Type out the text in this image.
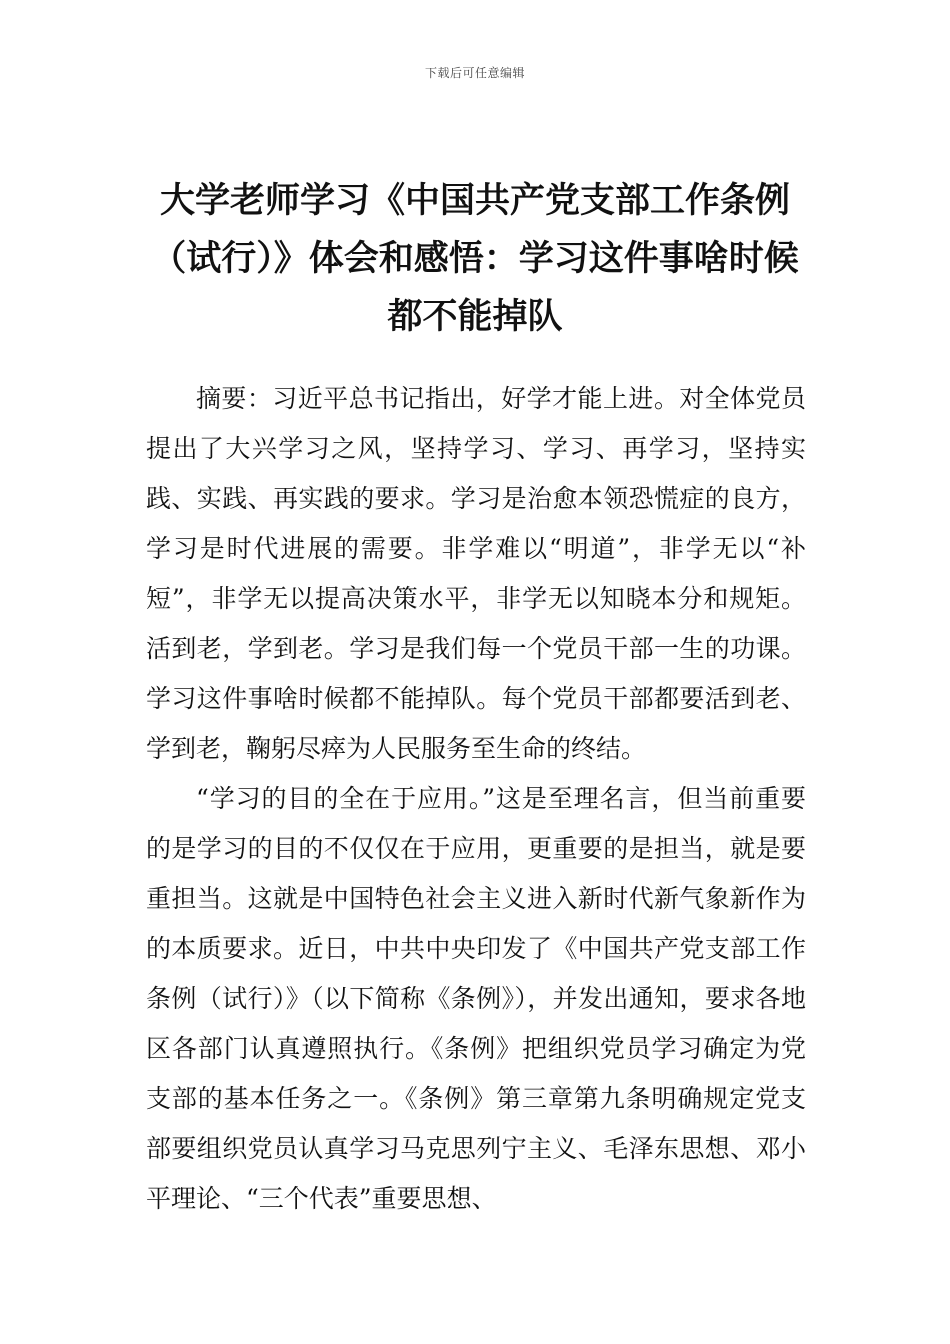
下载后可任意编辑
大学老师学习《中国共产党支部工作条例（试行）》体会和感悟：学习这件事啥时候都不能掉队

摘要：习近平总书记指出，好学才能上进。对全体党员提出了大兴学习之风，坚持学习、学习、再学习，坚持实践、实践、再实践的要求。学习是治愈本领恐慌症的良方，学习是时代进展的需要。非学难以“明道”，非学无以“补短”，非学无以提高决策水平，非学无以知晓本分和规矩。活到老，学到老。学习是我们每一个党员干部一生的功课。学习这件事啥时候都不能掉队。每个党员干部都要活到老、学到老，鞠躬尽瘁为人民服务至生命的终结。

“学习的目的全在于应用。”这是至理名言，但当前重要的是学习的目的不仅仅在于应用，更重要的是担当，就是要重担当。这就是中国特色社会主义进入新时代新气象新作为的本质要求。近日，中共中央印发了《中国共产党支部工作条例（试行）》（以下简称《条例》），并发出通知，要求各地区各部门认真遵照执行。《条例》把组织党员学习确定为党支部的基本任务之一。《条例》第三章第九条明确规定党支部要组织党员认真学习马克思列宁主义、毛泽东思想、邓小平理论、“三个代表”重要思想、
